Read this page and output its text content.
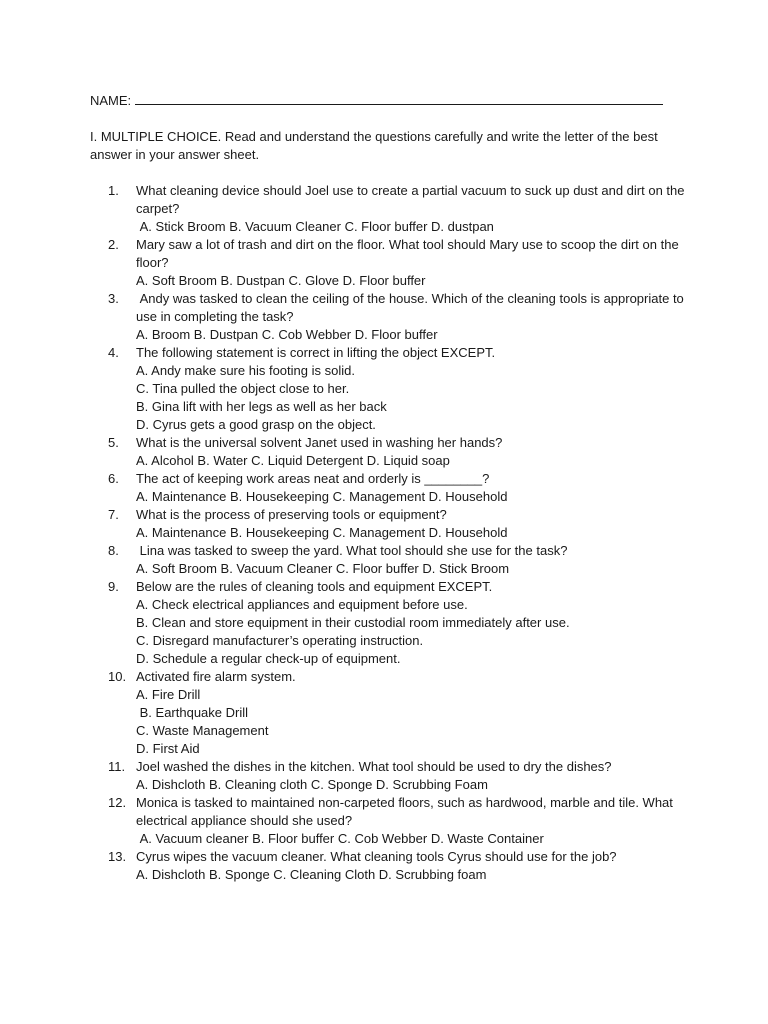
NAME:
I. MULTIPLE CHOICE. Read and understand the questions carefully and write the letter of the best answer in your answer sheet.
1.	What cleaning device should Joel use to create a partial vacuum to suck up dust and dirt on the carpet?
A. Stick Broom B. Vacuum Cleaner C. Floor buffer D. dustpan
2.	Mary saw a lot of trash and dirt on the floor. What tool should Mary use to scoop the dirt on the floor?
A. Soft Broom B. Dustpan C. Glove D. Floor buffer
3.	Andy was tasked to clean the ceiling of the house. Which of the cleaning tools is appropriate to use in completing the task?
A. Broom B. Dustpan C. Cob Webber D. Floor buffer
4.	The following statement is correct in lifting the object EXCEPT.
A. Andy make sure his footing is solid.
C. Tina pulled the object close to her.
B. Gina lift with her legs as well as her back
D. Cyrus gets a good grasp on the object.
5.	What is the universal solvent Janet used in washing her hands?
A. Alcohol B. Water C. Liquid Detergent D. Liquid soap
6.	The act of keeping work areas neat and orderly is ________?
A. Maintenance B. Housekeeping C. Management D. Household
7.	What is the process of preserving tools or equipment?
A. Maintenance B. Housekeeping C. Management D. Household
8.	Lina was tasked to sweep the yard. What tool should she use for the task?
A. Soft Broom B. Vacuum Cleaner C. Floor buffer D. Stick Broom
9.	Below are the rules of cleaning tools and equipment EXCEPT.
A. Check electrical appliances and equipment before use.
B. Clean and store equipment in their custodial room immediately after use.
C. Disregard manufacturer’s operating instruction.
D. Schedule a regular check-up of equipment.
10. Activated fire alarm system.
A. Fire Drill
B. Earthquake Drill
C. Waste Management
D. First Aid
11. Joel washed the dishes in the kitchen. What tool should be used to dry the dishes?
A. Dishcloth B. Cleaning cloth C. Sponge D. Scrubbing Foam
12. Monica is tasked to maintained non-carpeted floors, such as hardwood, marble and tile. What electrical appliance should she used?
A. Vacuum cleaner B. Floor buffer C. Cob Webber D. Waste Container
13. Cyrus wipes the vacuum cleaner. What cleaning tools Cyrus should use for the job?
A. Dishcloth B. Sponge C. Cleaning Cloth D. Scrubbing foam
